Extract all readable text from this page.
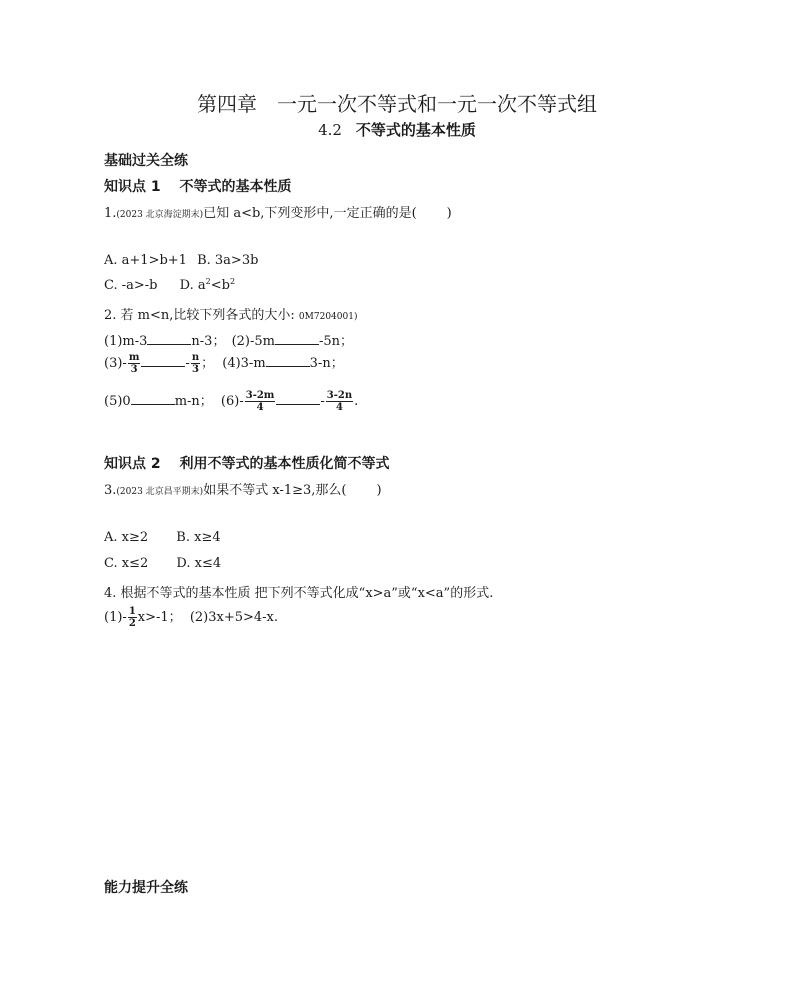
第四章　一元一次不等式和一元一次不等式组
4.2 不等式的基本性质
基础过关全练
知识点 1 不等式的基本性质
1.(2023 北京海淀期末)已知 a<b,下列变形中,一定正确的是( )
A. a+1>b+1 B. 3a>3b
C. -a>-b D. $a^2<b^2$
2. 若 m<n,比较下列各式的大小: 0M7204001)
(1)m-3	n-3； (2)-5m	-5n；
$(3)- \frac{m}{3}$	- $\frac{n}{3}$ ； (4)3-m	3-n；
(5)0	m-n； $(6)- \frac{3-2m}{4}$	- $\frac{3-2n}{4}$ .
知识点 2 利用不等式的基本性质化简不等式
3.(2023 北京昌平期末)如果不等式 x-1≥3,那么( )
A. x≥2 B. x≥4
C. x≤2 D. x≤4
4. 根据不等式的基本性质 把下列不等式化成“x>a”或“x<a”的形式.
$(1)- \frac{1}{2} x>-1$； (2)3x+5>4-x.
能力提升全练
